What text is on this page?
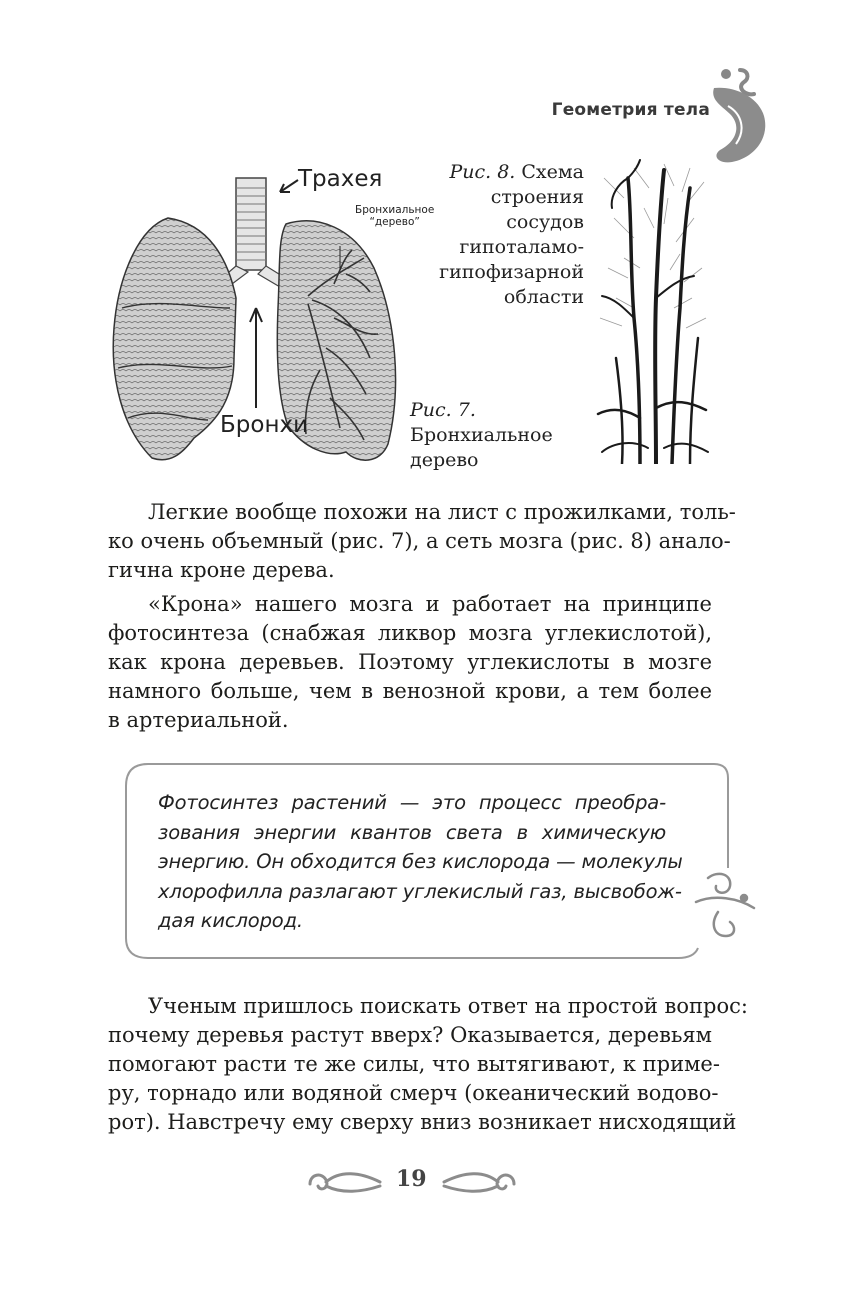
Геометрия тела
Трахея
Бронхи
Бронхиальное
“дерево”
Рис. 8. Схема
строения
сосудов
гипоталамо-
гипофизарной
области
Рис. 7.
Бронхиальное
дерево
Легкие вообще похожи на лист с прожилками, толь-
ко очень объемный (рис. 7), а сеть мозга (рис. 8) анало-
гична кроне дерева.
«Крона» нашего мозга и работает на принципе
фотосинтеза (снабжая ликвор мозга углекислотой),
как крона деревьев. Поэтому углекислоты в мозге
намного больше, чем в венозной крови, а тем более
в артериальной.
Фотосинтез растений — это процесс преобра-
зования энергии квантов света в химическую
энергию. Он обходится без кислорода — молекулы
хлорофилла разлагают углекислый газ, высвобож-
дая кислород.
Ученым пришлось поискать ответ на простой вопрос:
почему деревья растут вверх? Оказывается, деревьям
помогают расти те же силы, что вытягивают, к приме-
ру, торнадо или водяной смерч (океанический водово-
рот). Навстречу ему сверху вниз возникает нисходящий
19
